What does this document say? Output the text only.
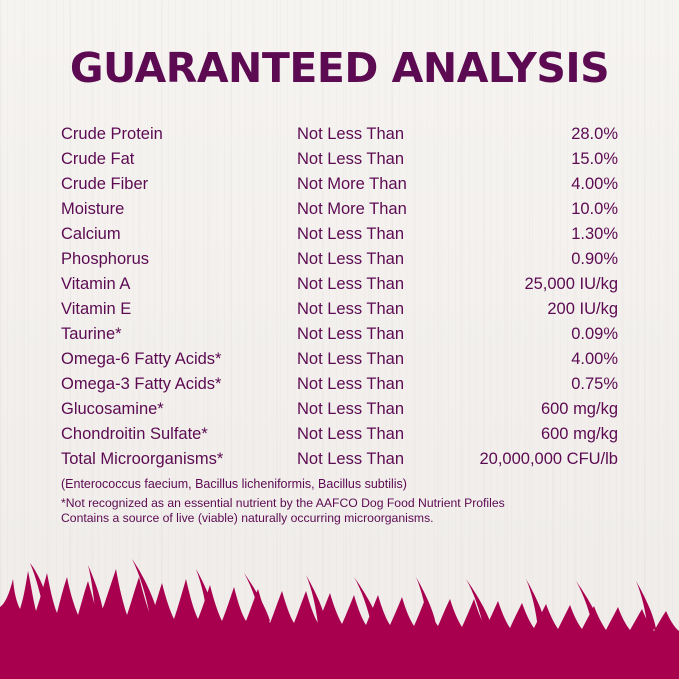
GUARANTEED ANALYSIS
Crude Protein	Not Less Than	28.0%
Crude Fat	Not Less Than	15.0%
Crude Fiber	Not More Than	4.00%
Moisture	Not More Than	10.0%
Calcium	Not Less Than	1.30%
Phosphorus	Not Less Than	0.90%
Vitamin A	Not Less Than	25,000 IU/kg
Vitamin E	Not Less Than	200 IU/kg
Taurine*	Not Less Than	0.09%
Omega-6 Fatty Acids*	Not Less Than	4.00%
Omega-3 Fatty Acids*	Not Less Than	0.75%
Glucosamine*	Not Less Than	600 mg/kg
Chondroitin Sulfate*	Not Less Than	600 mg/kg
Total Microorganisms*	Not Less Than	20,000,000 CFU/lb
(Enterococcus faecium, Bacillus licheniformis, Bacillus subtilis)
*Not recognized as an essential nutrient by the AAFCO Dog Food Nutrient Profiles
Contains a source of live (viable) naturally occurring microorganisms.
